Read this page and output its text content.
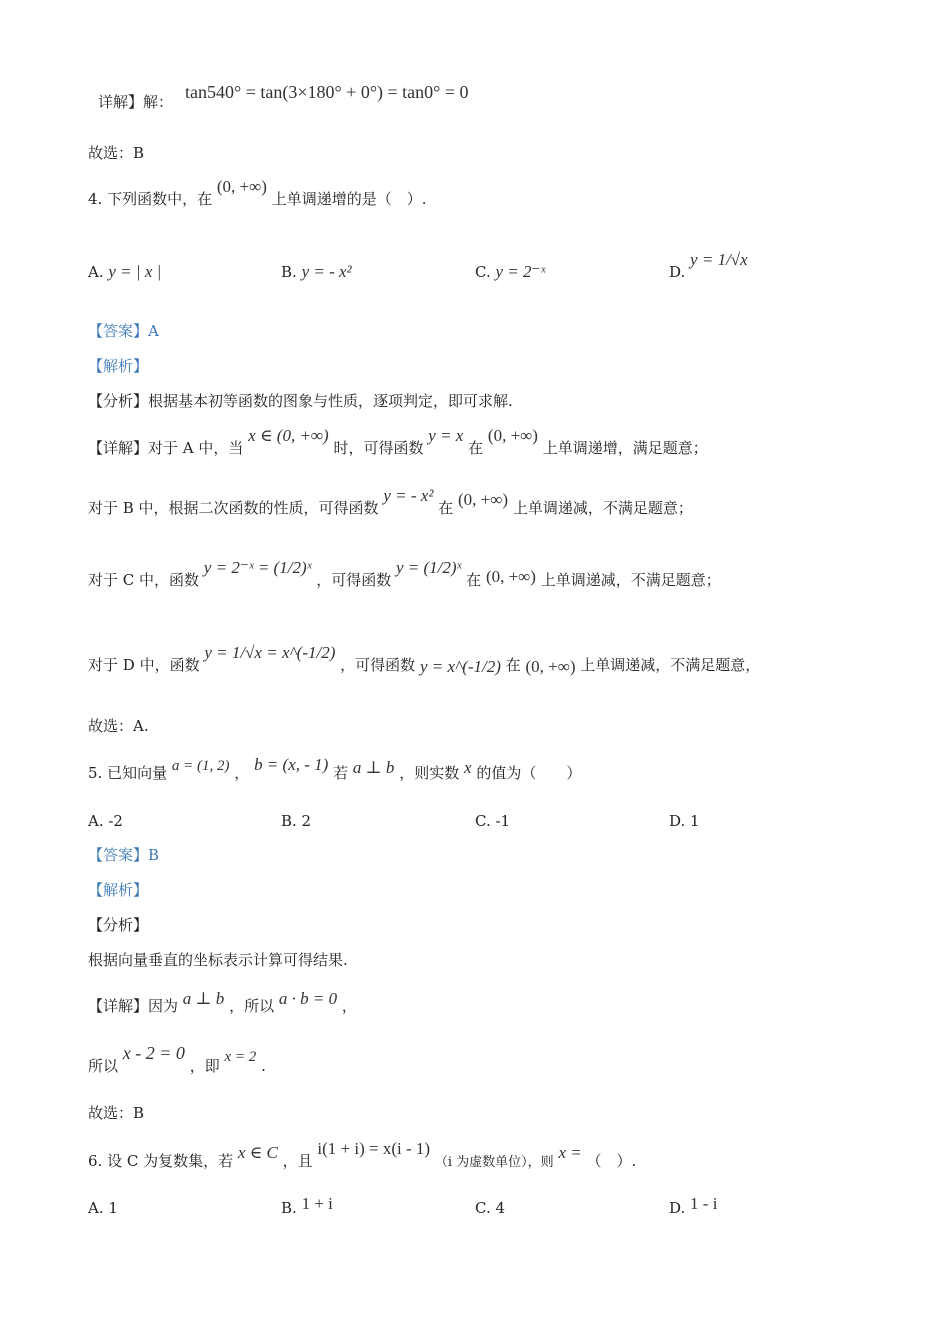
详解】解： tan540° = tan(3×180° + 0°) = tan0° = 0
故选：B
4. 下列函数中，在 (0, +∞) 上单调递增的是（　）.
A. y = | x |	B. y = - x²	C. y = 2⁻ˣ	D. y = 1/√x
【答案】A
【解析】
【分析】根据基本初等函数的图象与性质，逐项判定，即可求解.
【详解】对于 A 中，当 x ∈ (0, +∞) 时，可得函数 y = x 在 (0, +∞) 上单调递增，满足题意；
对于 B 中，根据二次函数的性质，可得函数 y = - x² 在 (0, +∞) 上单调递减，不满足题意；
对于 C 中，函数 y = 2⁻ˣ = (1/2)ˣ ，可得函数 y = (1/2)ˣ 在 (0, +∞) 上单调递减，不满足题意；
对于 D 中，函数 y = 1/√x = x^(-1/2) ，可得函数 y = x^(-1/2) 在 (0, +∞) 上单调递减，不满足题意，
故选：A.
5. 已知向量 a = (1, 2) ， b = (x, - 1) 若 a ⊥ b ，则实数 x 的值为（　　）
A. -2	B. 2	C. -1	D. 1
【答案】B
【解析】
【分析】
根据向量垂直的坐标表示计算可得结果.
【详解】因为 a ⊥ b ，所以 a · b = 0 ，
所以 x - 2 = 0 ，即 x = 2 .
故选：B
6. 设 C 为复数集，若 x ∈ C ，且 i(1 + i) = x(i - 1) （i 为虚数单位），则 x = （　）.
A. 1	B. 1 + i	C. 4	D. 1 - i
